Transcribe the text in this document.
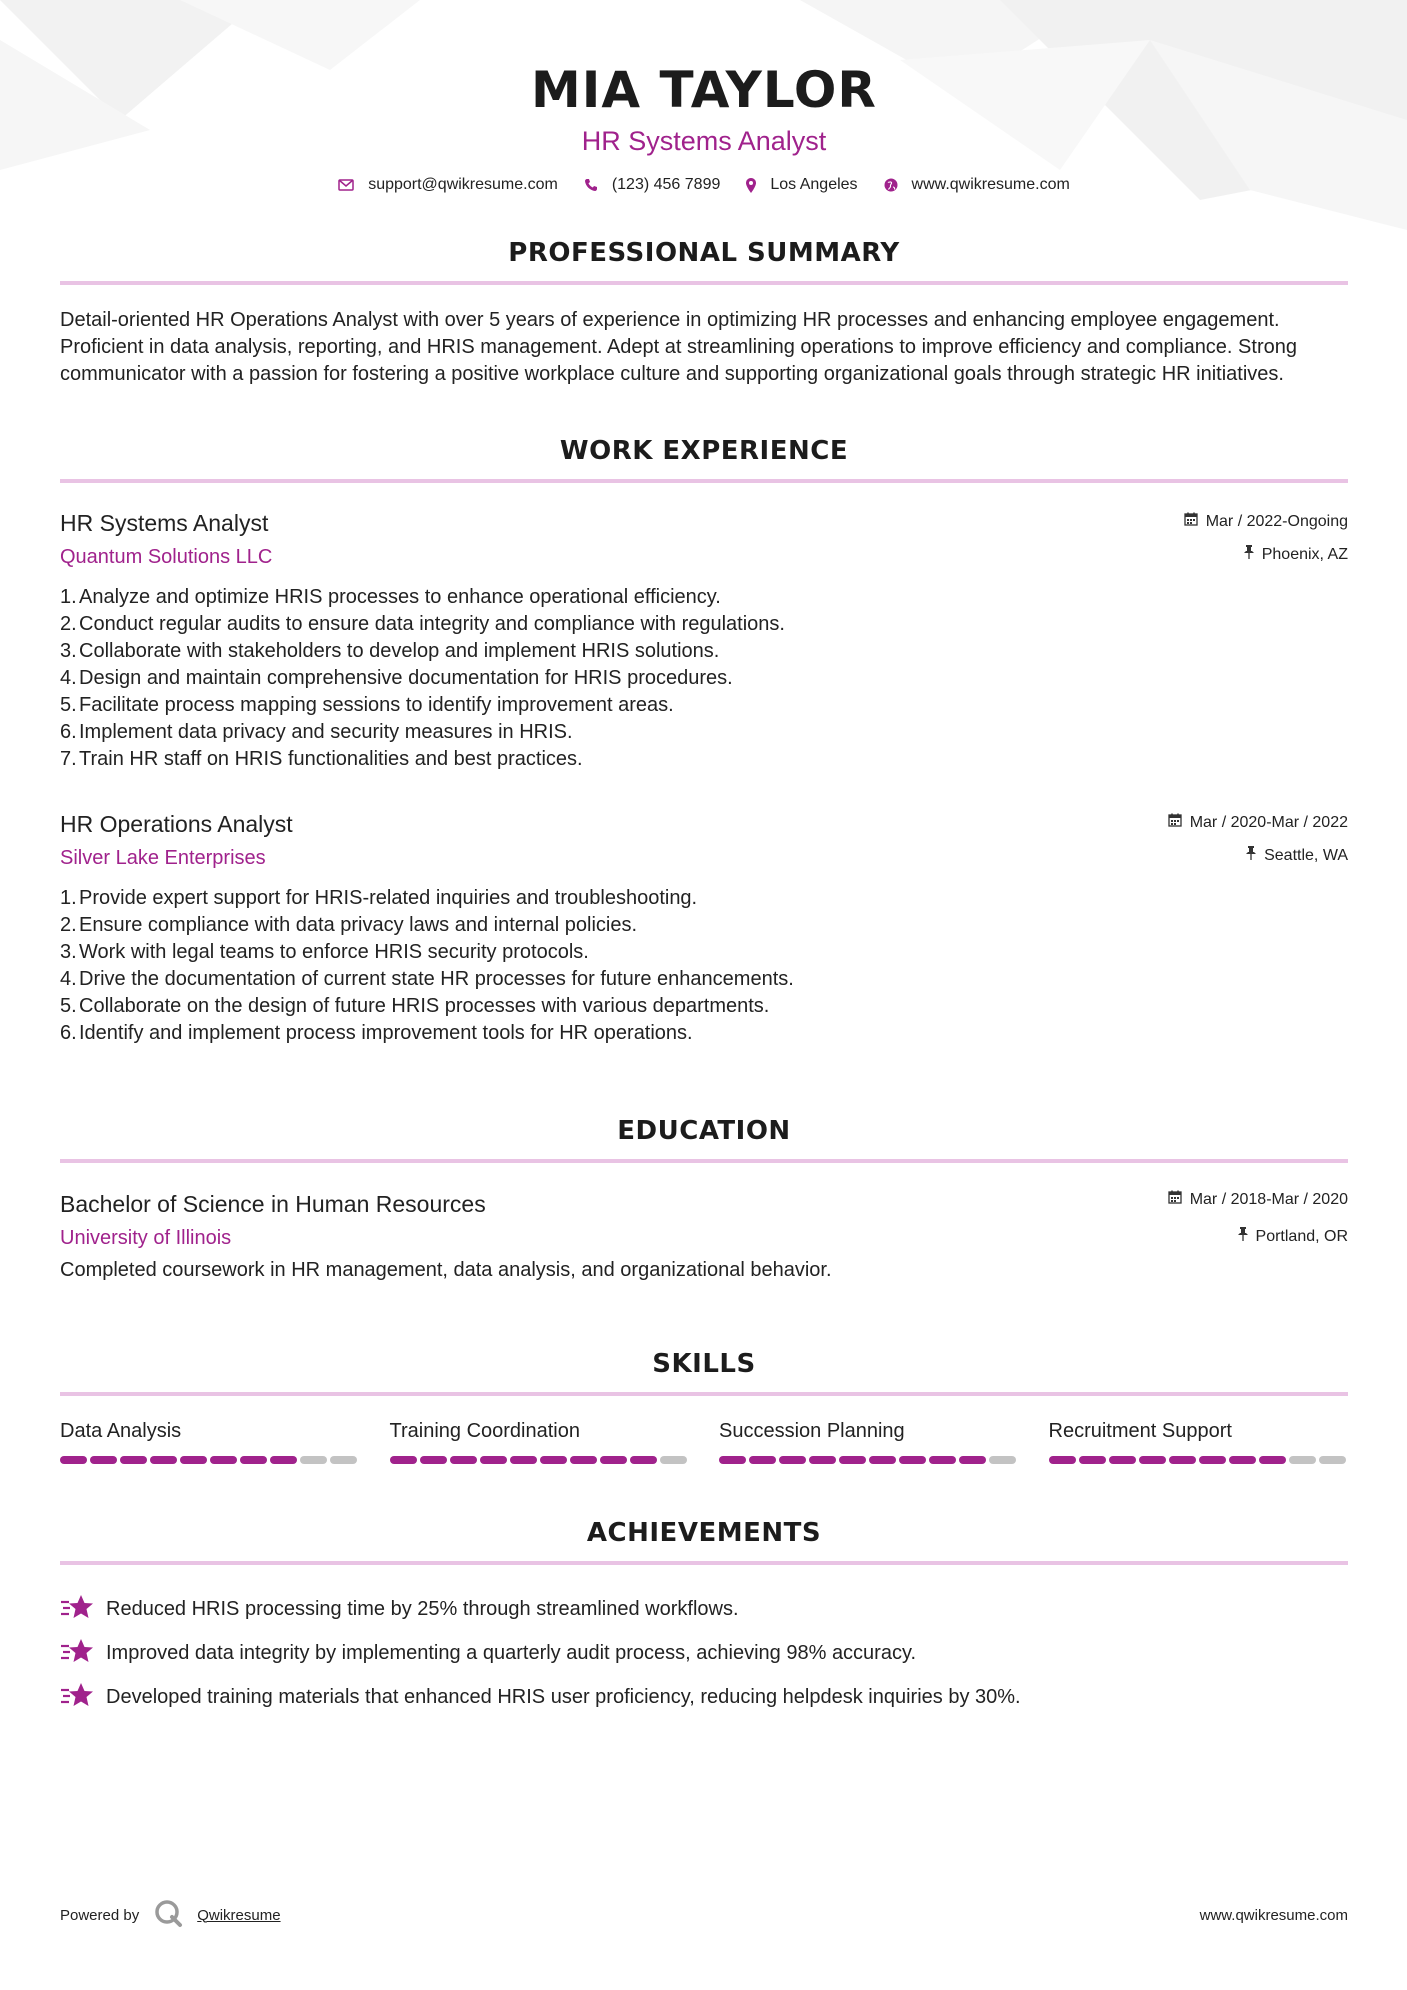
MIA TAYLOR
HR Systems Analyst
support@qwikresume.com	(123) 456 7899	Los Angeles	www.qwikresume.com
PROFESSIONAL SUMMARY
Detail-oriented HR Operations Analyst with over 5 years of experience in optimizing HR processes and enhancing employee engagement. Proficient in data analysis, reporting, and HRIS management. Adept at streamlining operations to improve efficiency and compliance. Strong communicator with a passion for fostering a positive workplace culture and supporting organizational goals through strategic HR initiatives.
WORK EXPERIENCE
HR Systems Analyst
Quantum Solutions LLC
Mar / 2022-Ongoing
Phoenix, AZ
1. Analyze and optimize HRIS processes to enhance operational efficiency.
2. Conduct regular audits to ensure data integrity and compliance with regulations.
3. Collaborate with stakeholders to develop and implement HRIS solutions.
4. Design and maintain comprehensive documentation for HRIS procedures.
5. Facilitate process mapping sessions to identify improvement areas.
6. Implement data privacy and security measures in HRIS.
7. Train HR staff on HRIS functionalities and best practices.
HR Operations Analyst
Silver Lake Enterprises
Mar / 2020-Mar / 2022
Seattle, WA
1. Provide expert support for HRIS-related inquiries and troubleshooting.
2. Ensure compliance with data privacy laws and internal policies.
3. Work with legal teams to enforce HRIS security protocols.
4. Drive the documentation of current state HR processes for future enhancements.
5. Collaborate on the design of future HRIS processes with various departments.
6. Identify and implement process improvement tools for HR operations.
EDUCATION
Bachelor of Science in Human Resources
University of Illinois
Mar / 2018-Mar / 2020
Portland, OR
Completed coursework in HR management, data analysis, and organizational behavior.
SKILLS
Data Analysis	Training Coordination	Succession Planning	Recruitment Support
ACHIEVEMENTS
Reduced HRIS processing time by 25% through streamlined workflows.
Improved data integrity by implementing a quarterly audit process, achieving 98% accuracy.
Developed training materials that enhanced HRIS user proficiency, reducing helpdesk inquiries by 30%.
Powered by	Qwikresume	www.qwikresume.com
